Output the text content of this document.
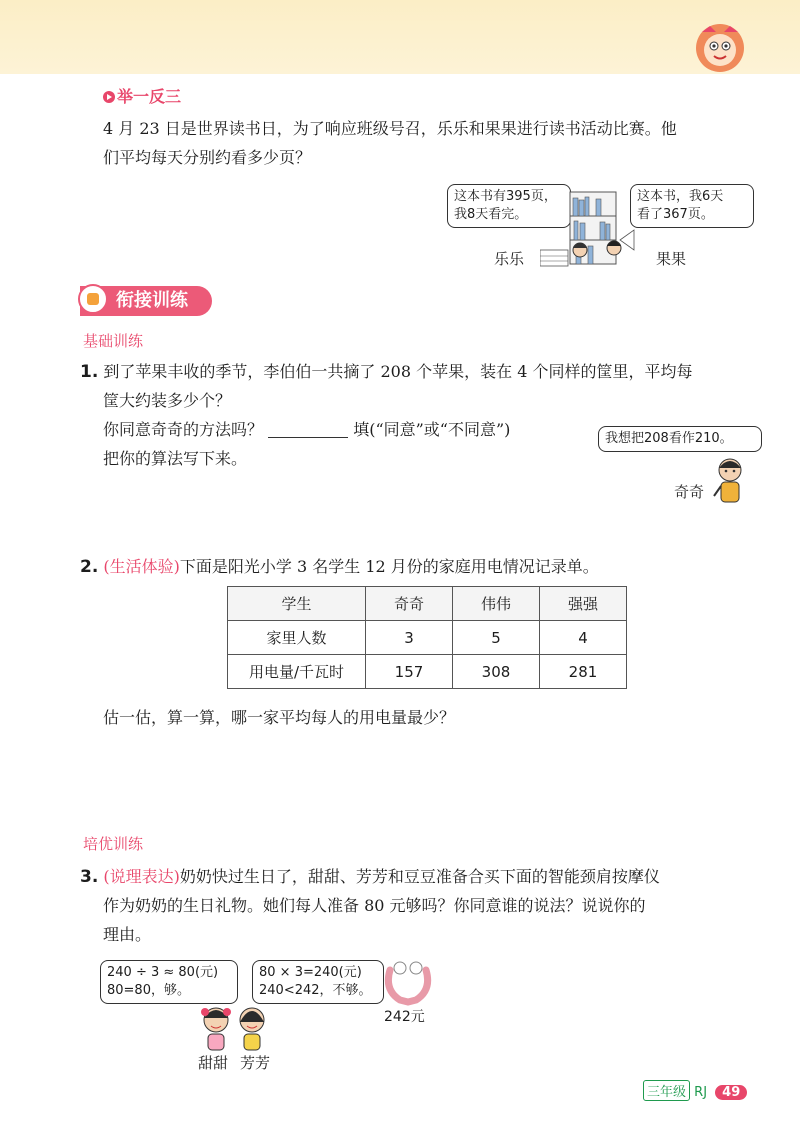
举一反三
4 月 23 日是世界读书日，为了响应班级号召，乐乐和果果进行读书活动比赛。他
们平均每天分别约看多少页？
这本书有395页，
我8天看完。
这本书，我6天
看了367页。
乐乐	果果
衔接训练
基础训练
1. 到了苹果丰收的季节，李伯伯一共摘了 208 个苹果，装在 4 个同样的筐里，平均每
筐大约装多少个？
你同意奇奇的方法吗？	填(“同意”或“不同意”)
把你的算法写下来。
我想把208看作210。
奇奇
2. (生活体验)下面是阳光小学 3 名学生 12 月份的家庭用电情况记录单。
学生	奇奇	伟伟	强强
家里人数	3	5	4
用电量/千瓦时	157	308	281
估一估，算一算，哪一家平均每人的用电量最少？
培优训练
3. (说理表达)奶奶快过生日了，甜甜、芳芳和豆豆准备合买下面的智能颈肩按摩仪
作为奶奶的生日礼物。她们每人准备 80 元够吗？你同意谁的说法？说说你的
理由。
240 ÷ 3 ≈ 80(元)
80=80，够。
80 × 3=240(元)
240<242，不够。
242元
甜甜 芳芳
三年级 RJ 49
